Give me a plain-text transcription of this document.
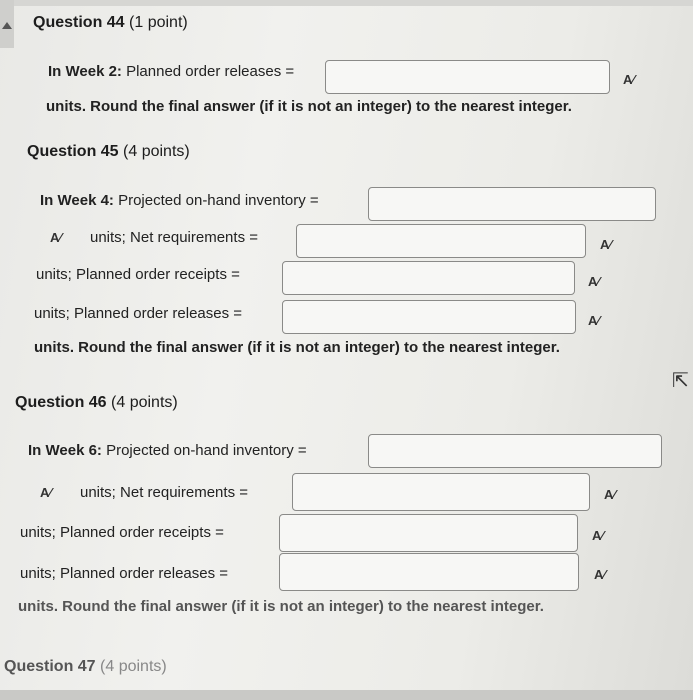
Question 44 (1 point)
In Week 2: Planned order releases =	A⁄
units. Round the final answer (if it is not an integer) to the nearest integer.
Question 45 (4 points)
In Week 4: Projected on-hand inventory =
A⁄ units; Net requirements =	A⁄
units; Planned order receipts =	A⁄
units; Planned order releases =	A⁄
units. Round the final answer (if it is not an integer) to the nearest integer.
Question 46 (4 points)
In Week 6: Projected on-hand inventory =
A⁄ units; Net requirements =	A⁄
units; Planned order receipts =	A⁄
units; Planned order releases =	A⁄
units. Round the final answer (if it is not an integer) to the nearest integer.
Question 47 (4 points)
⇱
